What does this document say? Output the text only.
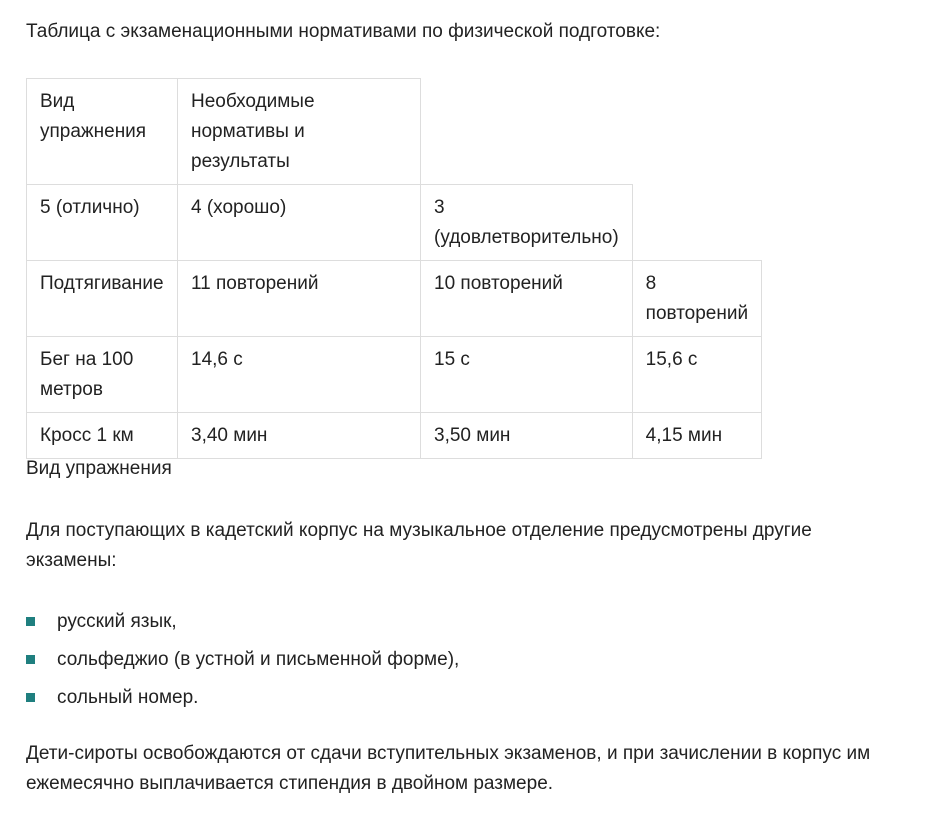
Таблица с экзаменационными нормативами по физической подготовке:

Вид упражнения	Необходимые нормативы и результаты		
5 (отлично)	4 (хорошо)	3 (удовлетворительно)	
Подтягивание	11 повторений	10 повторений	8 повторений
Бег на 100 метров	14,6 с	15 с	15,6 с
Кросс 1 км	3,40 мин	3,50 мин	4,15 мин

Вид упражнения

Для поступающих в кадетский корпус на музыкальное отделение предусмотрены другие экзамены:

русский язык,
сольфеджио (в устной и письменной форме),
сольный номер.

Дети-сироты освобождаются от сдачи вступительных экзаменов, и при зачислении в корпус им ежемесячно выплачивается стипендия в двойном размере.
